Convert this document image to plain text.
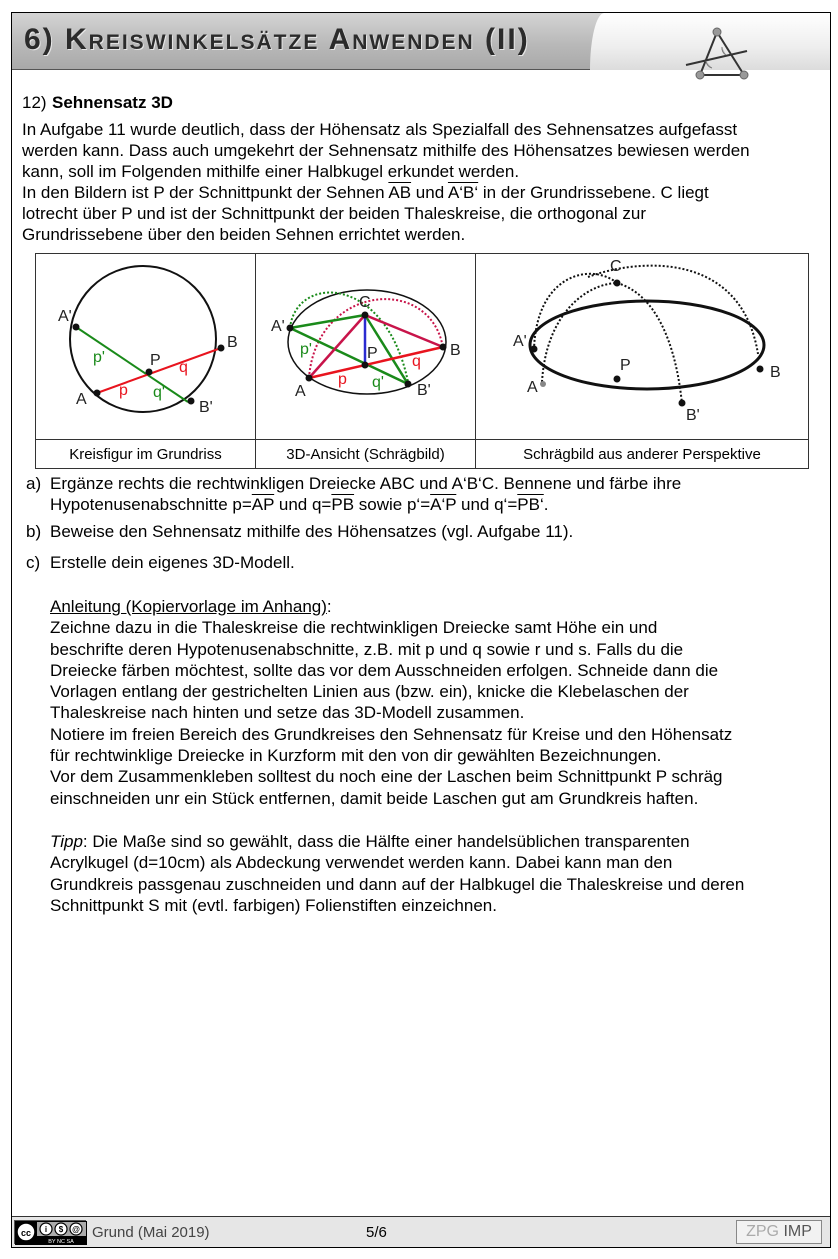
6) Kreiswinkelsätze Anwenden (II)
12) Sehnensatz 3D
In Aufgabe 11 wurde deutlich, dass der Höhensatz als Spezialfall des Sehnensatzes aufgefasst
werden kann. Dass auch umgekehrt der Sehnensatz mithilfe des Höhensatzes bewiesen werden
kann, soll im Folgenden mithilfe einer Halbkugel erkundet werden.
In den Bildern ist P der Schnittpunkt der Sehnen $\overline{AB}$ und A‘B‘ in der Grundrissebene. C liegt
lotrecht über P und ist der Schnittpunkt der beiden Thaleskreise, die orthogonal zur
Grundrissebene über den beiden Sehnen errichtet werden.
A'
B
P
A	B'
p'
q
p q'

C
A'
B
P
A	B'
p'
q
p q'

C
A'
B
P
A
B'

Kreisfigur im Grundriss	3D-Ansicht (Schrägbild)	Schrägbild aus anderer Perspektive
a) Ergänze rechts die rechtwinkligen Dreiecke ABC und A‘B‘C. Bennene und färbe ihre
Hypotenusenabschnitte $p=\overline{AP}$ und $q=\overline{PB}$ sowie p‘=A‘P und q‘=PB‘.
b) Beweise den Sehnensatz mithilfe des Höhensatzes (vgl. Aufgabe 11).
c) Erstelle dein eigenes 3D-Modell.
Anleitung (Kopiervorlage im Anhang):
Zeichne dazu in die Thaleskreise die rechtwinkligen Dreiecke samt Höhe ein und
beschrifte deren Hypotenusenabschnitte, z.B. mit p und q sowie r und s. Falls du die
Dreiecke färben möchtest, sollte das vor dem Ausschneiden erfolgen. Schneide dann die
Vorlagen entlang der gestrichelten Linien aus (bzw. ein), knicke die Klebelaschen der
Thaleskreise nach hinten und setze das 3D-Modell zusammen.
Notiere im freien Bereich des Grundkreises den Sehnensatz für Kreise und den Höhensatz
für rechtwinklige Dreiecke in Kurzform mit den von dir gewählten Bezeichnungen.
Vor dem Zusammenkleben solltest du noch eine der Laschen beim Schnittpunkt P schräg
einschneiden unr ein Stück entfernen, damit beide Laschen gut am Grundkreis haften.
Tipp: Die Maße sind so gewählt, dass die Hälfte einer handelsüblichen transparenten
Acrylkugel (d=10cm) als Abdeckung verwendet werden kann. Dabei kann man den
Grundkreis passgenau zuschneiden und dann auf der Halbkugel die Thaleskreise und deren
Schnittpunkt S mit (evtl. farbigen) Folienstiften einzeichnen.
cc i $ @
BY NC SA
Grund (Mai 2019)	5/6	ZPG IMP
